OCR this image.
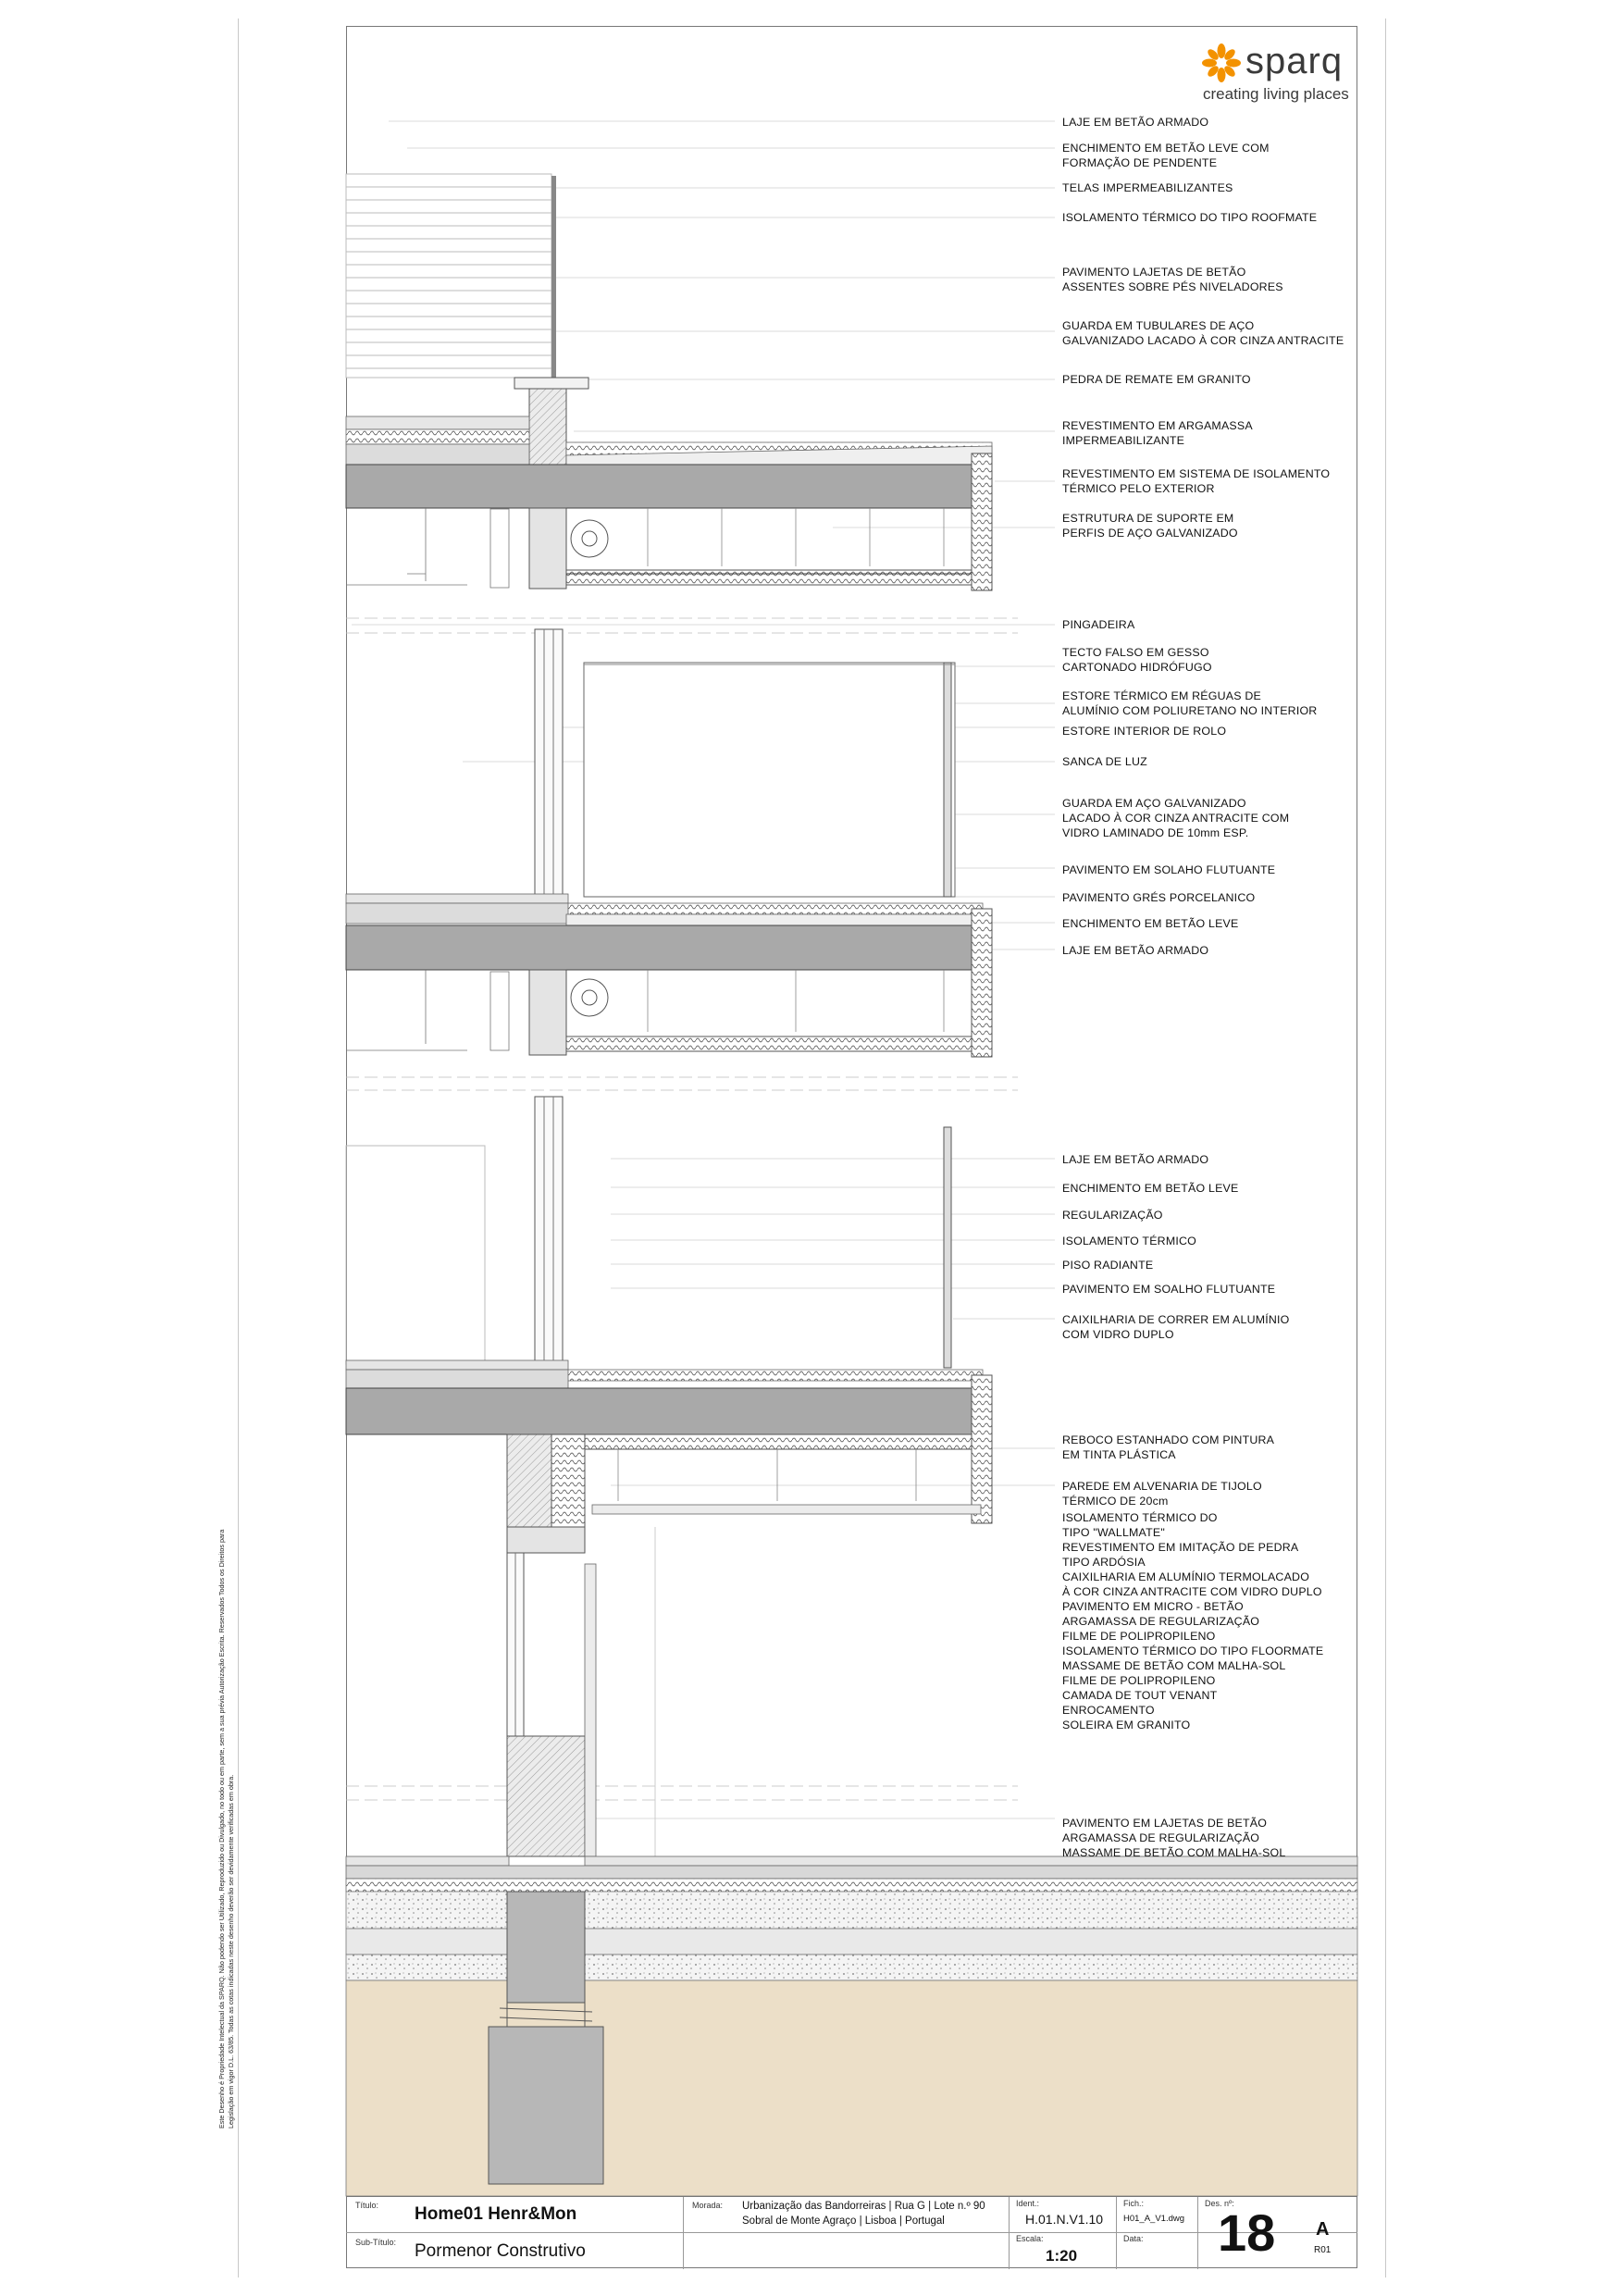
sparq
creating living places
LAJE EM BETÃO ARMADO
ENCHIMENTO EM BETÃO LEVE COM
FORMAÇÃO DE PENDENTE
TELAS IMPERMEABILIZANTES
ISOLAMENTO TÉRMICO DO TIPO ROOFMATE
PAVIMENTO LAJETAS DE BETÃO
ASSENTES SOBRE PÉS NIVELADORES
GUARDA EM TUBULARES DE AÇO
GALVANIZADO LACADO À COR CINZA ANTRACITE
PEDRA DE REMATE EM GRANITO
REVESTIMENTO EM ARGAMASSA
IMPERMEABILIZANTE
REVESTIMENTO EM SISTEMA DE ISOLAMENTO
TÉRMICO PELO EXTERIOR
ESTRUTURA DE SUPORTE EM
PERFIS DE AÇO GALVANIZADO
PINGADEIRA
TECTO FALSO EM GESSO
CARTONADO HIDRÓFUGO
ESTORE TÉRMICO EM RÉGUAS DE
ALUMÍNIO COM POLIURETANO NO INTERIOR
ESTORE INTERIOR DE ROLO
SANCA DE LUZ
GUARDA EM AÇO GALVANIZADO
LACADO À COR CINZA ANTRACITE COM
VIDRO LAMINADO DE 10mm ESP.
PAVIMENTO EM SOLAHO FLUTUANTE
PAVIMENTO GRÉS PORCELANICO
ENCHIMENTO EM BETÃO LEVE
LAJE EM BETÃO ARMADO
LAJE EM BETÃO ARMADO
ENCHIMENTO EM BETÃO LEVE
REGULARIZAÇÃO
ISOLAMENTO TÉRMICO
PISO RADIANTE
PAVIMENTO EM SOALHO FLUTUANTE
CAIXILHARIA DE CORRER EM ALUMÍNIO
COM VIDRO DUPLO
REBOCO ESTANHADO COM PINTURA
EM TINTA PLÁSTICA
PAREDE EM ALVENARIA DE TIJOLO
TÉRMICO DE 20cm
ISOLAMENTO TÉRMICO DO
TIPO "WALLMATE"
REVESTIMENTO EM IMITAÇÃO DE PEDRA
TIPO ARDÓSIA
CAIXILHARIA EM ALUMÍNIO TERMOLACADO
À COR CINZA ANTRACITE COM VIDRO DUPLO
PAVIMENTO EM MICRO - BETÃO
ARGAMASSA DE REGULARIZAÇÃO
FILME DE POLIPROPILENO
ISOLAMENTO TÉRMICO DO TIPO FLOORMATE
MASSAME DE BETÃO COM MALHA-SOL
FILME DE POLIPROPILENO
CAMADA DE TOUT VENANT
ENROCAMENTO
SOLEIRA EM GRANITO
PAVIMENTO EM LAJETAS DE BETÃO
ARGAMASSA DE REGULARIZAÇÃO
MASSAME DE BETÃO COM MALHA-SOL
Este Desenho é Propriedade Intelectual da SPARQ. Não podendo ser Utilizado, Reproduzido ou Divulgado, no todo ou em parte, sem a sua prévia Autorização Escrita. Reservados Todos os Direitos para Legislação em vigor D.L. 63/85. Todas as cotas indicadas neste desenho deverão ser devidamente verificadas em obra.
Título: Home01 Henr&Mon
Sub-Título: Pormenor Construtivo
Morada: Urbanização das Bandorreiras | Rua G | Lote n.º 90
Sobral de Monte Agraço | Lisboa | Portugal
Ident.:
H.01.N.V1.10
Escala:
1:20
Fich.:
H01_A_V1.dwg
Data:
Des. nº:
18 A
R01
